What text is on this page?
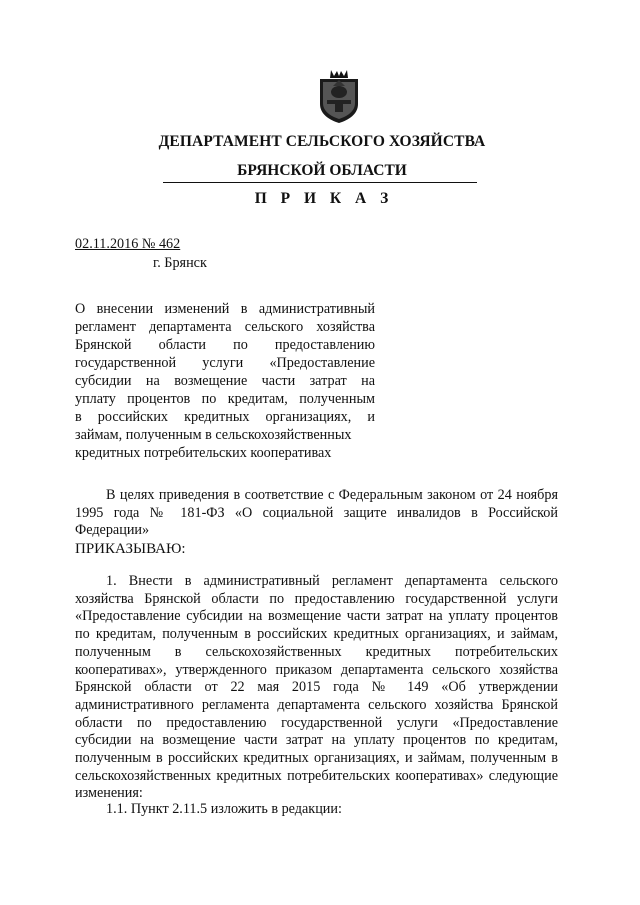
ДЕПАРТАМЕНТ СЕЛЬСКОГО ХОЗЯЙСТВА
БРЯНСКОЙ ОБЛАСТИ
П Р И К А З
02.11.2016 № 462
г. Брянск
О внесении изменений в административный
регламент департамента сельского хозяйства
Брянской области по предоставлению
государственной услуги «Предоставление
субсидии на возмещение части затрат на
уплату процентов по кредитам, полученным
в российских кредитных организациях, и
займам, полученным в сельскохозяйственных
кредитных потребительских кооперативах
В целях приведения в соответствие с Федеральным законом от 24 ноября 1995 года № 181-ФЗ «О социальной защите инвалидов в Российской Федерации»
ПРИКАЗЫВАЮ:
1. Внести в административный регламент департамента сельского хозяйства Брянской области по предоставлению государственной услуги «Предоставление субсидии на возмещение части затрат на уплату процентов по кредитам, полученным в российских кредитных организациях, и займам, полученным в сельскохозяйственных кредитных потребительских кооперативах», утвержденного приказом департамента сельского хозяйства Брянской области от 22 мая 2015 года № 149 «Об утверждении административного регламента департамента сельского хозяйства Брянской области по предоставлению государственной услуги «Предоставление субсидии на возмещение части затрат на уплату процентов по кредитам, полученным в российских кредитных организациях, и займам, полученным в сельскохозяйственных кредитных потребительских кооперативах» следующие изменения:
1.1. Пункт 2.11.5 изложить в редакции:
